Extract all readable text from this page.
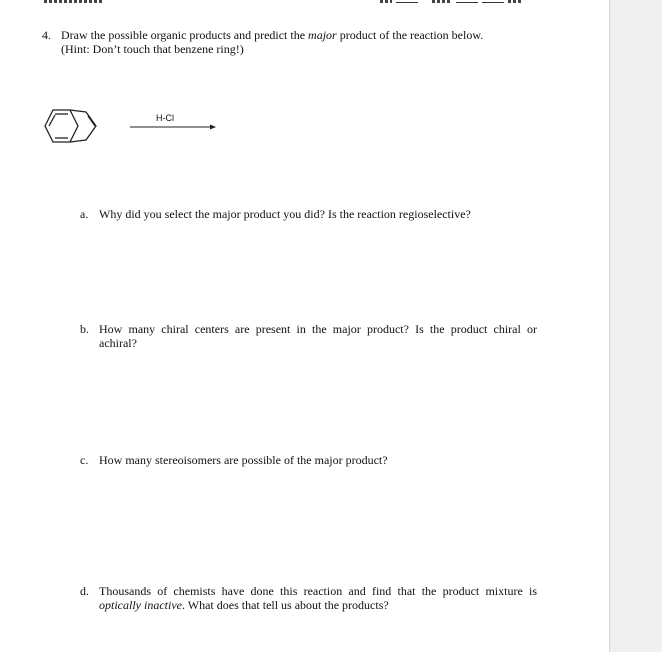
4. Draw the possible organic products and predict the major product of the reaction below.
(Hint: Don’t touch that benzene ring!)
H-Cl
a. Why did you select the major product you did? Is the reaction regioselective?
b. How many chiral centers are present in the major product? Is the product chiral or
achiral?
c. How many stereoisomers are possible of the major product?
d. Thousands of chemists have done this reaction and find that the product mixture is
optically inactive. What does that tell us about the products?
